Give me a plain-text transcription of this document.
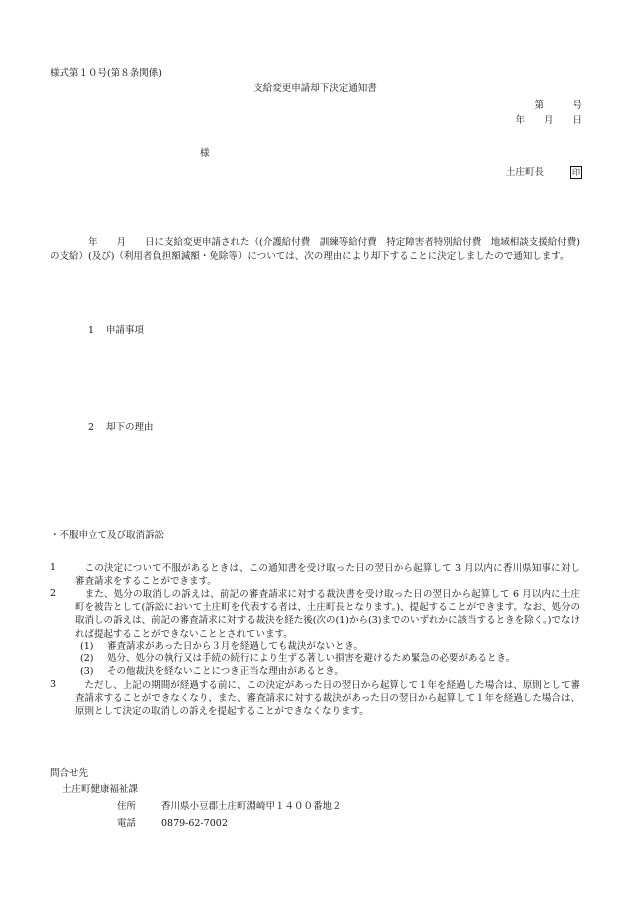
様式第１０号(第８条関係)
支給変更申請却下決定通知書
第　　　号
年　　月　　日
様
土庄町長	印
　　　　年　　月　　日に支給変更申請された（(介護給付費　訓練等給付費　特定障害者特別給付費　地域相談支援給付費)の支給）(及び)（利用者負担額減額・免除等）については、次の理由により却下することに決定しましたので通知します。
1 申請事項
2 却下の理由
・不服申立て及び取消訴訟
1	　この決定について不服があるときは、この通知書を受け取った日の翌日から起算して 3 月以内に香川県知事に対し審査請求をすることができます。
2	　また、処分の取消しの訴えは、前記の審査請求に対する裁決書を受け取った日の翌日から起算して 6 月以内に土庄町を被告として(訴訟において土庄町を代表する者は、土庄町長となります。)、提起することができます。なお、処分の取消しの訴えは、前記の審査請求に対する裁決を経た後(次の(1)から(3)までのいずれかに該当するときを除く。)でなければ提起することができないこととされています。
(1)	審査請求があった日から３月を経過しても裁決がないとき。
(2)	処分、処分の執行又は手続の続行により生ずる著しい損害を避けるため緊急の必要があるとき。
(3)	その他裁決を経ないことにつき正当な理由があるとき。
3	　ただし、上記の期間が経過する前に、この決定があった日の翌日から起算して１年を経過した場合は、原則として審査請求することができなくなり、また、審査請求に対する裁決があった日の翌日から起算して１年を経過した場合は、原則として決定の取消しの訴えを提起することができなくなります。
問合せ先
土庄町健康福祉課
住所	香川県小豆郡土庄町淵崎甲１４００番地２
電話	0879-62-7002
